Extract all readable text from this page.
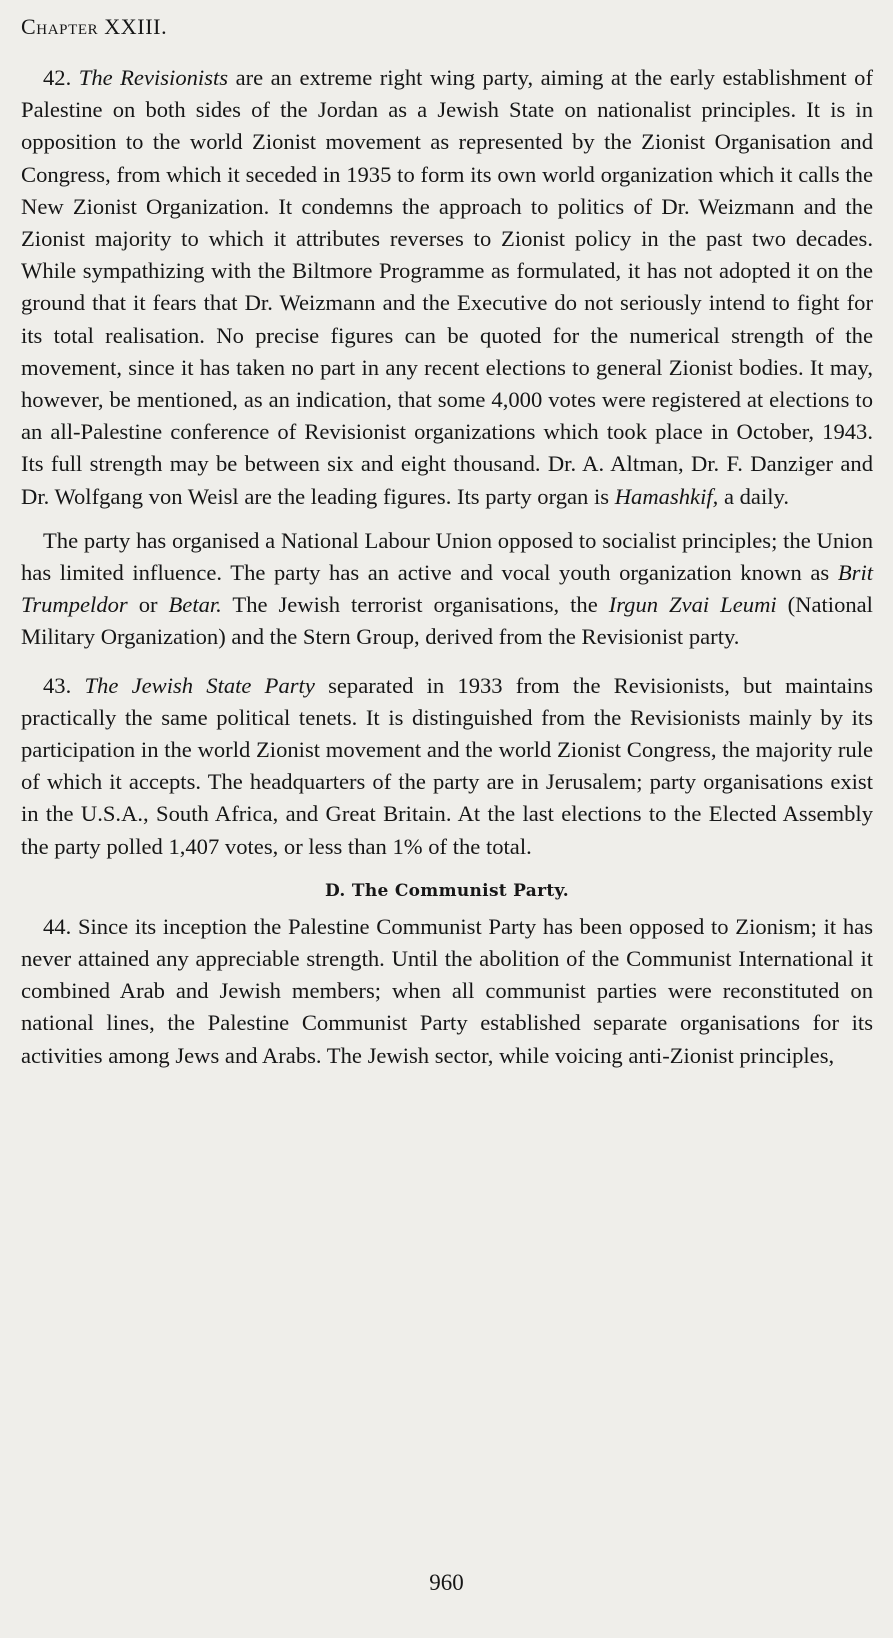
Chapter XXIII.

42. The Revisionists are an extreme right wing party, aiming at the early establishment of Palestine on both sides of the Jordan as a Jewish State on nationalist principles. It is in opposition to the world Zionist movement as represented by the Zionist Organisation and Congress, from which it seceded in 1935 to form its own world organization which it calls the New Zionist Organization. It condemns the approach to politics of Dr. Weizmann and the Zionist majority to which it attributes reverses to Zionist policy in the past two decades. While sympathizing with the Biltmore Programme as formulated, it has not adopted it on the ground that it fears that Dr. Weizmann and the Executive do not seriously intend to fight for its total realisation. No precise figures can be quoted for the numerical strength of the movement, since it has taken no part in any recent elections to general Zionist bodies. It may, however, be mentioned, as an indication, that some 4,000 votes were registered at elections to an all-Palestine conference of Revisionist organizations which took place in October, 1943. Its full strength may be between six and eight thousand. Dr. A. Altman, Dr. F. Danziger and Dr. Wolfgang von Weisl are the leading figures. Its party organ is Hamashkif, a daily.

The party has organised a National Labour Union opposed to socialist principles; the Union has limited influence. The party has an active and vocal youth organization known as Brit Trumpeldor or Betar. The Jewish terrorist organisations, the Irgun Zvai Leumi (National Military Organization) and the Stern Group, derived from the Revisionist party.

43. The Jewish State Party separated in 1933 from the Revisionists, but maintains practically the same political tenets. It is distinguished from the Revisionists mainly by its participation in the world Zionist movement and the world Zionist Congress, the majority rule of which it accepts. The headquarters of the party are in Jerusalem; party organisations exist in the U.S.A., South Africa, and Great Britain. At the last elections to the Elected Assembly the party polled 1,407 votes, or less than 1% of the total.

D. The Communist Party.

44. Since its inception the Palestine Communist Party has been opposed to Zionism; it has never attained any appreciable strength. Until the abolition of the Communist International it combined Arab and Jewish members; when all communist parties were reconstituted on national lines, the Palestine Communist Party established separate organisations for its activities among Jews and Arabs. The Jewish sector, while voicing anti-Zionist principles,

960
